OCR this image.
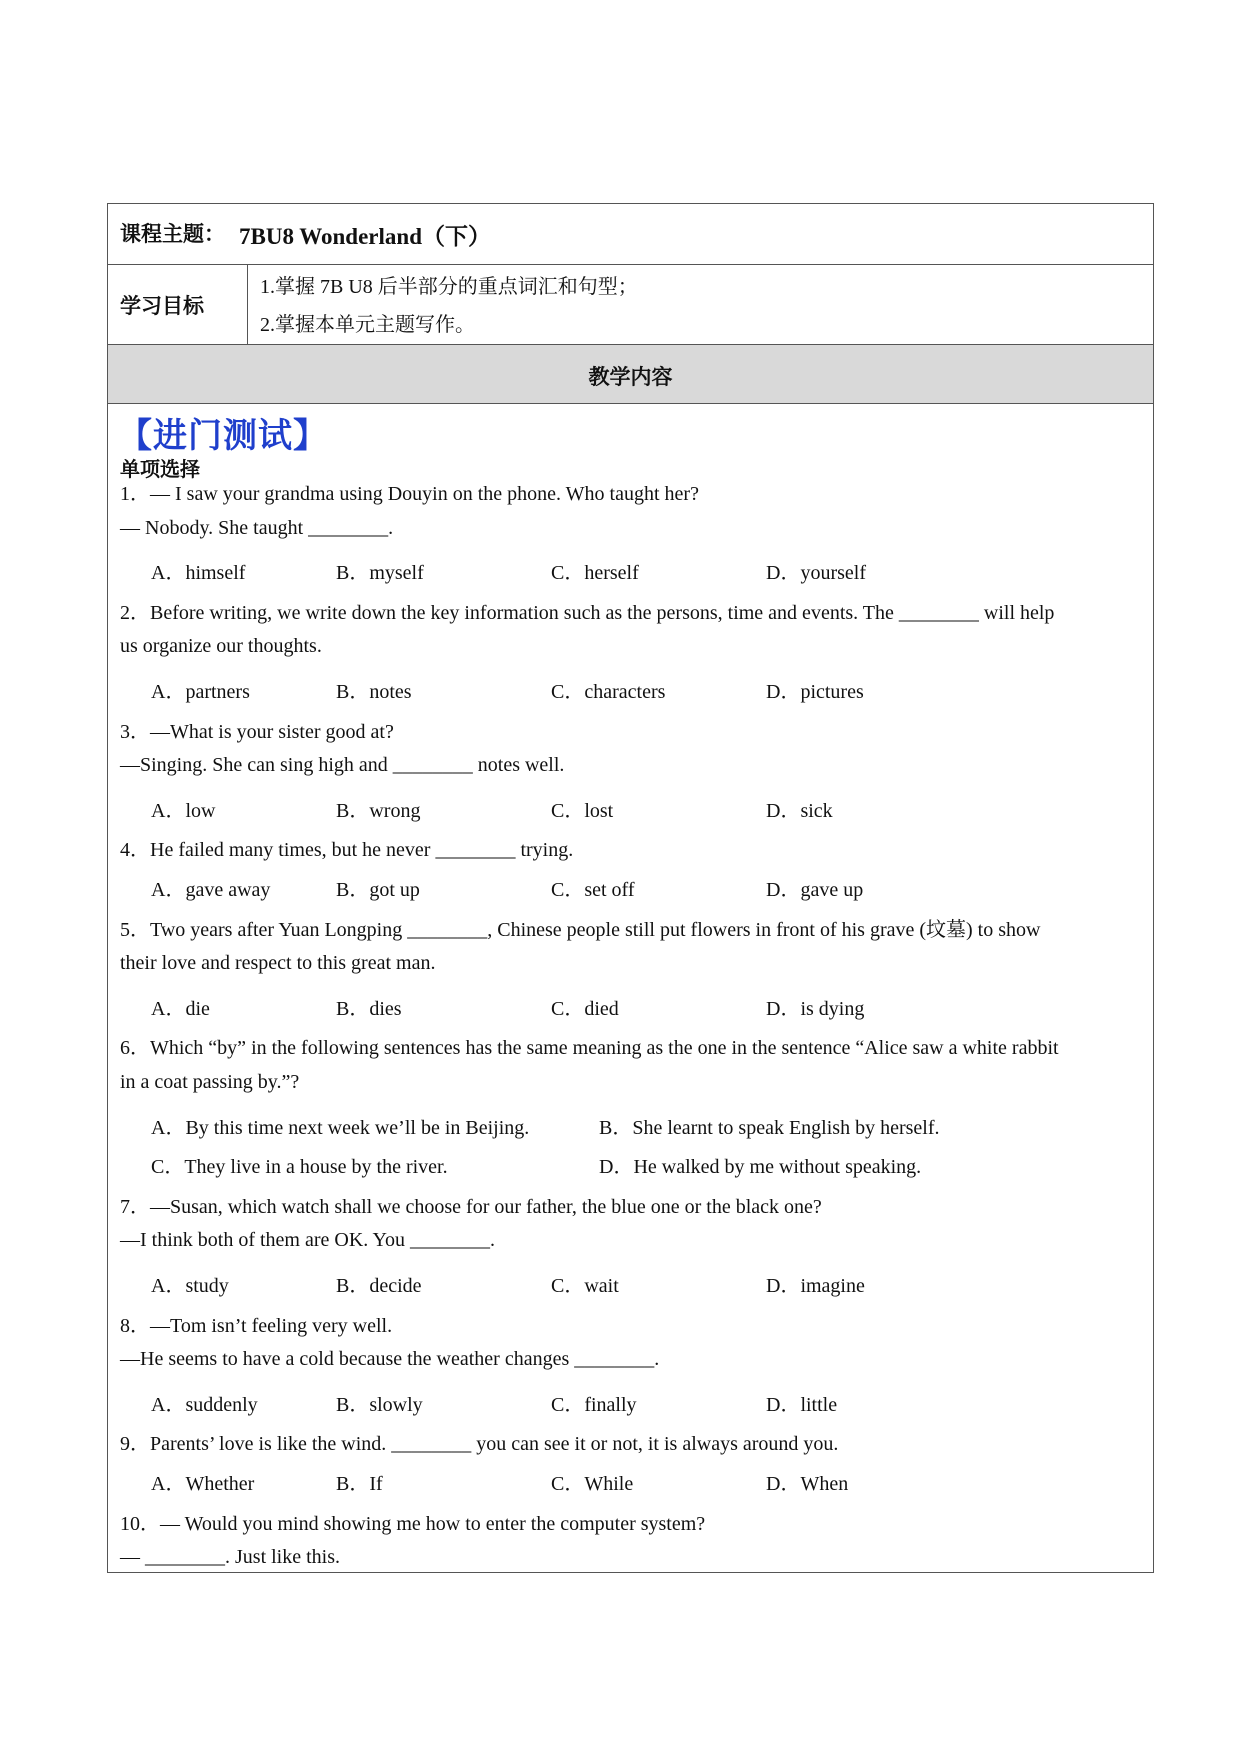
课程主题： 7BU8 Wonderland（下）
学习目标
1.掌握 7B U8 后半部分的重点词汇和句型；
2.掌握本单元主题写作。
教学内容
【进门测试】
单项选择
1．— I saw your grandma using Douyin on the phone. Who taught her?
— Nobody. She taught ________.
A．himself	B．myself	C．herself	D．yourself
2．Before writing, we write down the key information such as the persons, time and events. The ________ will help
us organize our thoughts.
A．partners	B．notes	C．characters	D．pictures
3．—What is your sister good at?
—Singing. She can sing high and ________ notes well.
A．low	B．wrong	C．lost	D．sick
4．He failed many times, but he never ________ trying.
A．gave away	B．got up	C．set off	D．gave up
5．Two years after Yuan Longping ________, Chinese people still put flowers in front of his grave (坟墓) to show
their love and respect to this great man.
A．die	B．dies	C．died	D．is dying
6．Which “by” in the following sentences has the same meaning as the one in the sentence “Alice saw a white rabbit
in a coat passing by.”?
A．By this time next week we’ll be in Beijing.	B．She learnt to speak English by herself.
C．They live in a house by the river.	D．He walked by me without speaking.
7．—Susan, which watch shall we choose for our father, the blue one or the black one?
—I think both of them are OK. You ________.
A．study	B．decide	C．wait	D．imagine
8．—Tom isn’t feeling very well.
—He seems to have a cold because the weather changes ________.
A．suddenly	B．slowly	C．finally	D．little
9．Parents’ love is like the wind. ________ you can see it or not, it is always around you.
A．Whether	B．If	C．While	D．When
10．— Would you mind showing me how to enter the computer system?
— ________. Just like this.
